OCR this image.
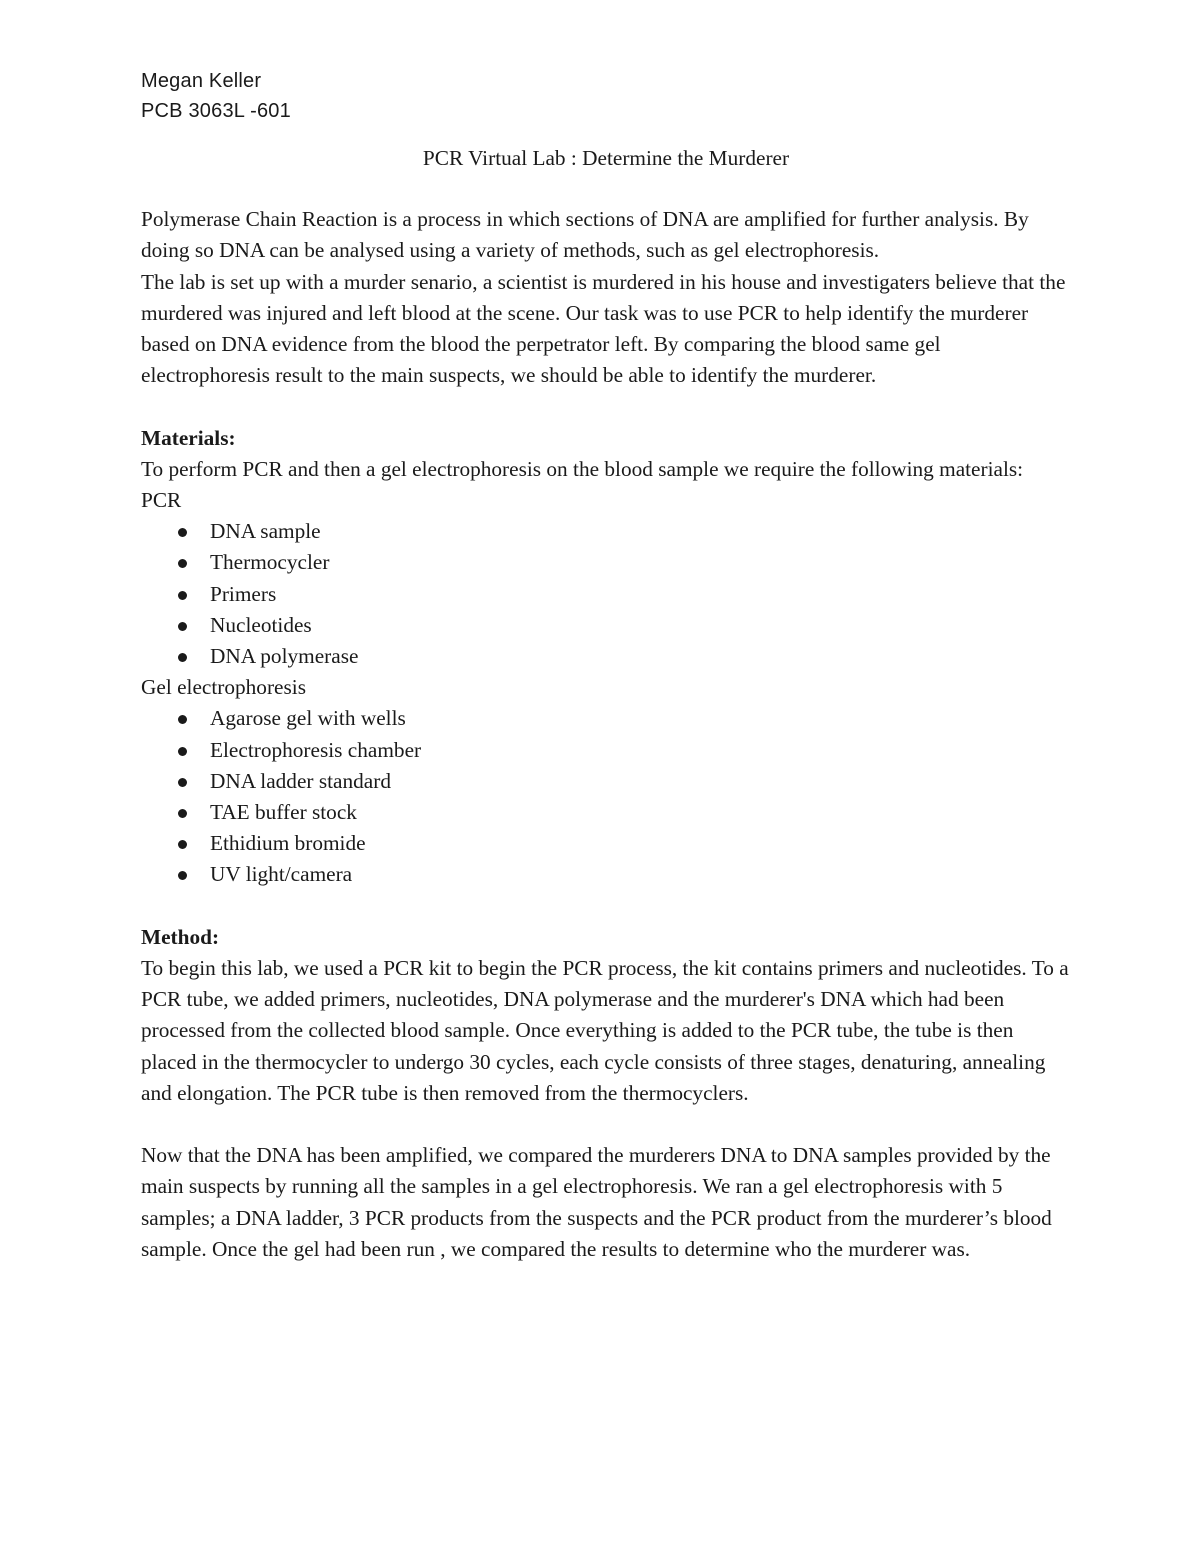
Megan Keller
PCB 3063L -601
PCR Virtual Lab : Determine the Murderer

Polymerase Chain Reaction is a process in which sections of DNA are amplified for further analysis. By doing so DNA can be analysed using a variety of methods, such as gel electrophoresis.

The lab is set up with a murder senario, a scientist is murdered in his house and investigaters believe that the murdered was injured and left blood at the scene. Our task was to use PCR to help identify the murderer based on DNA evidence from the blood the perpetrator left. By comparing the blood same gel electrophoresis result to the main suspects, we should be able to identify the murderer.

Materials:

To perform PCR and then a gel electrophoresis on the blood sample we require the following materials:

PCR

DNA sample
Thermocycler
Primers
Nucleotides
DNA polymerase

Gel electrophoresis

Agarose gel with wells
Electrophoresis chamber
DNA ladder standard
TAE buffer stock
Ethidium bromide
UV light/camera

Method:

To begin this lab, we used a PCR kit to begin the PCR process, the kit contains primers and nucleotides. To a PCR tube, we added primers, nucleotides, DNA polymerase and the murderer's DNA which had been processed from the collected blood sample. Once everything is added to the PCR tube, the tube is then placed in the thermocycler to undergo 30 cycles, each cycle consists of three stages, denaturing, annealing and elongation. The PCR tube is then removed from the thermocyclers.

Now that the DNA has been amplified, we compared the murderers DNA to DNA samples provided by the main suspects by running all the samples in a gel electrophoresis. We ran a gel electrophoresis with 5 samples; a DNA ladder, 3 PCR products from the suspects and the PCR product from the murderer’s blood sample. Once the gel had been run , we compared the results to determine who the murderer was.
